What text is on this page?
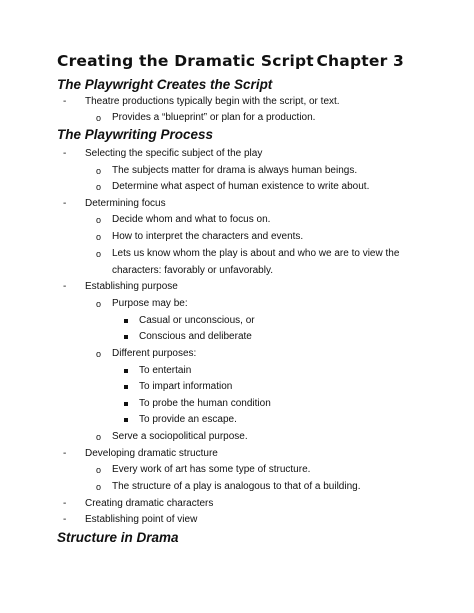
Creating the Dramatic Script Chapter 3
The Playwright Creates the Script
- Theatre productions typically begin with the script, or text.
o Provides a “blueprint” or plan for a production.
The Playwriting Process
- Selecting the specific subject of the play
o The subjects matter for drama is always human beings.
o Determine what aspect of human existence to write about.
- Determining focus
o Decide whom and what to focus on.
o How to interpret the characters and events.
o Lets us know whom the play is about and who we are to view the
characters: favorably or unfavorably.
- Establishing purpose
o Purpose may be:
Casual or unconscious, or
Conscious and deliberate
o Different purposes:
To entertain
To impart information
To probe the human condition
To provide an escape.
o Serve a sociopolitical purpose.
- Developing dramatic structure
o Every work of art has some type of structure.
o The structure of a play is analogous to that of a building.
- Creating dramatic characters
- Establishing point of view
Structure in Drama
